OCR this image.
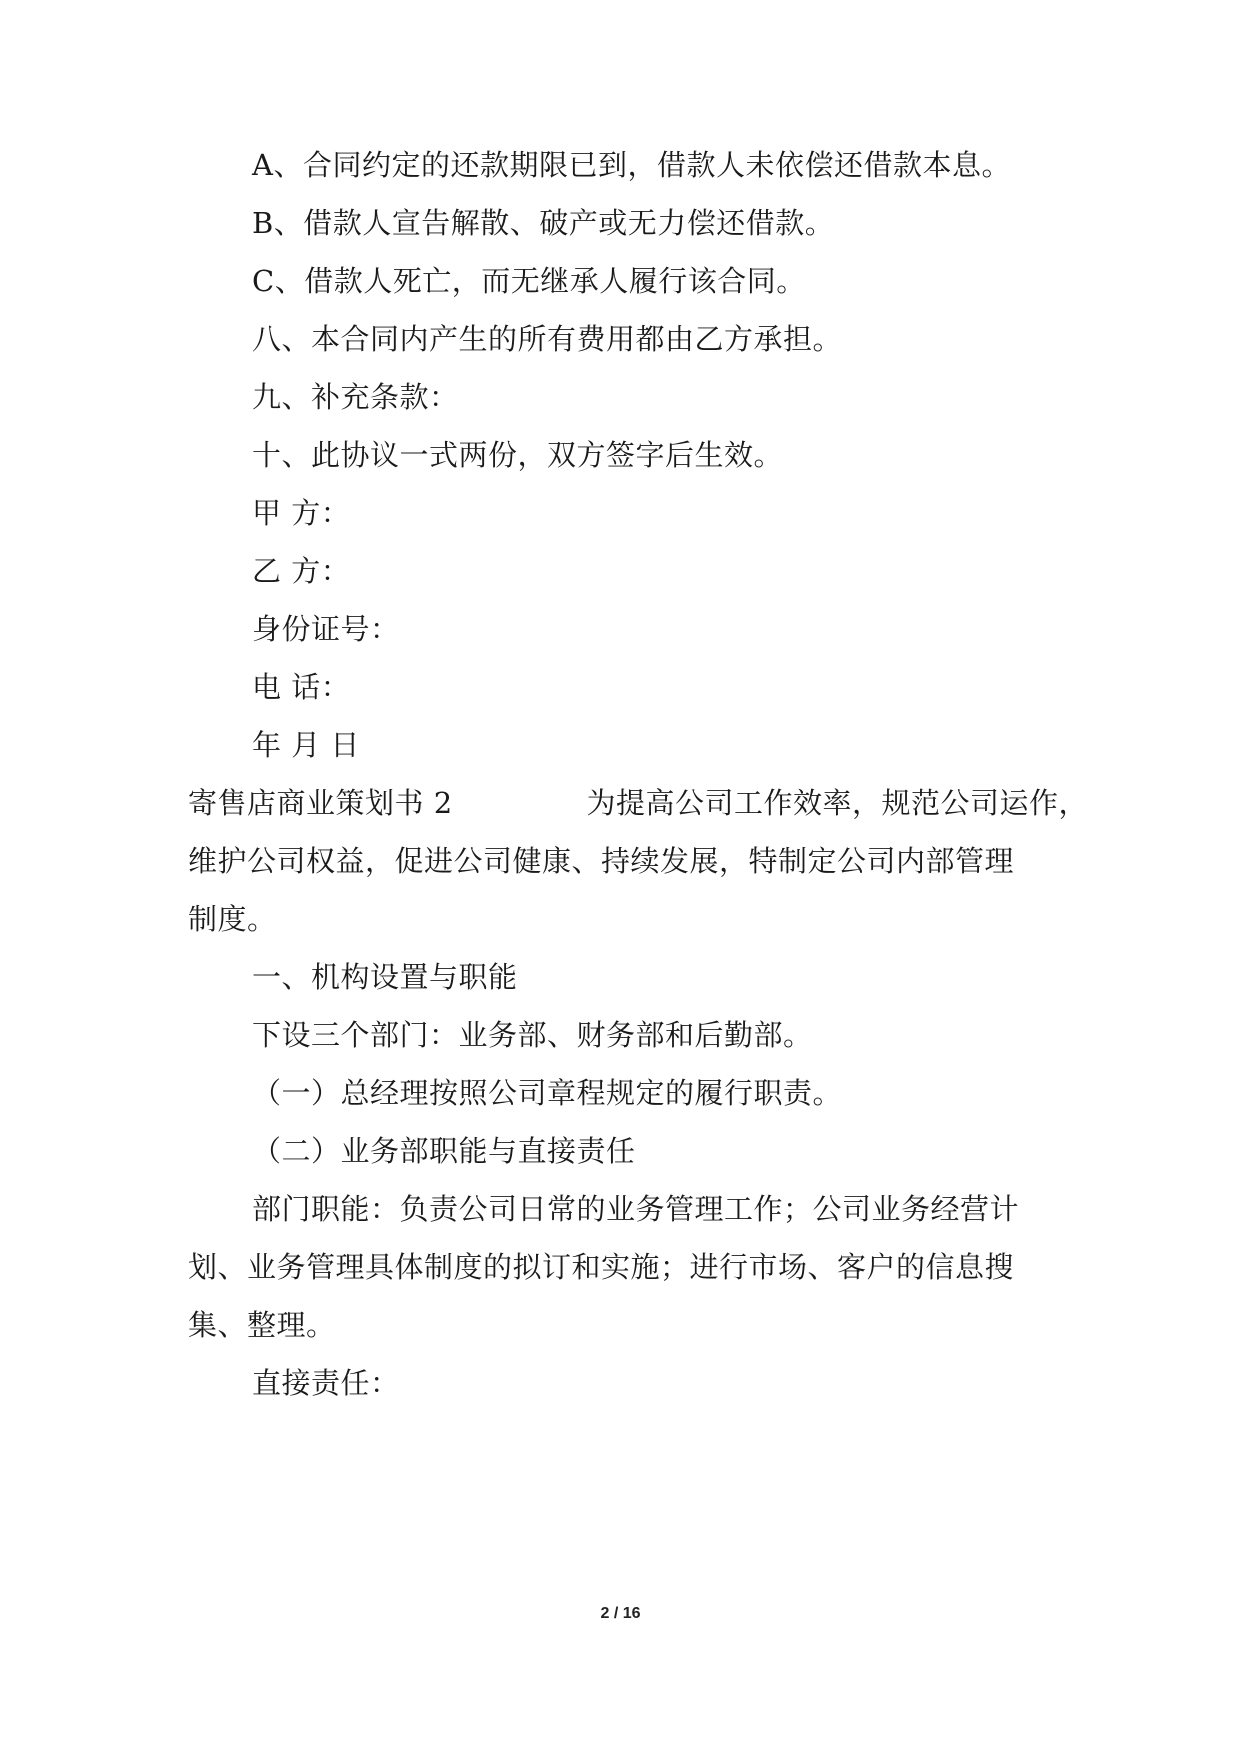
A、合同约定的还款期限已到，借款人未依偿还借款本息。
B、借款人宣告解散、破产或无力偿还借款。
C、借款人死亡，而无继承人履行该合同。
八、本合同内产生的所有费用都由乙方承担。
九、补充条款：
十、此协议一式两份，双方签字后生效。
甲 方：
乙 方：
身份证号：
电 话：
年 月 日
寄售店商业策划书 2	为提高公司工作效率，规范公司运作，
维护公司权益，促进公司健康、持续发展，特制定公司内部管理
制度。
一、机构设置与职能
下设三个部门：业务部、财务部和后勤部。
（一）总经理按照公司章程规定的履行职责。
（二）业务部职能与直接责任
部门职能：负责公司日常的业务管理工作；公司业务经营计
划、业务管理具体制度的拟订和实施；进行市场、客户的信息搜
集、整理。
直接责任：
2 / 16
